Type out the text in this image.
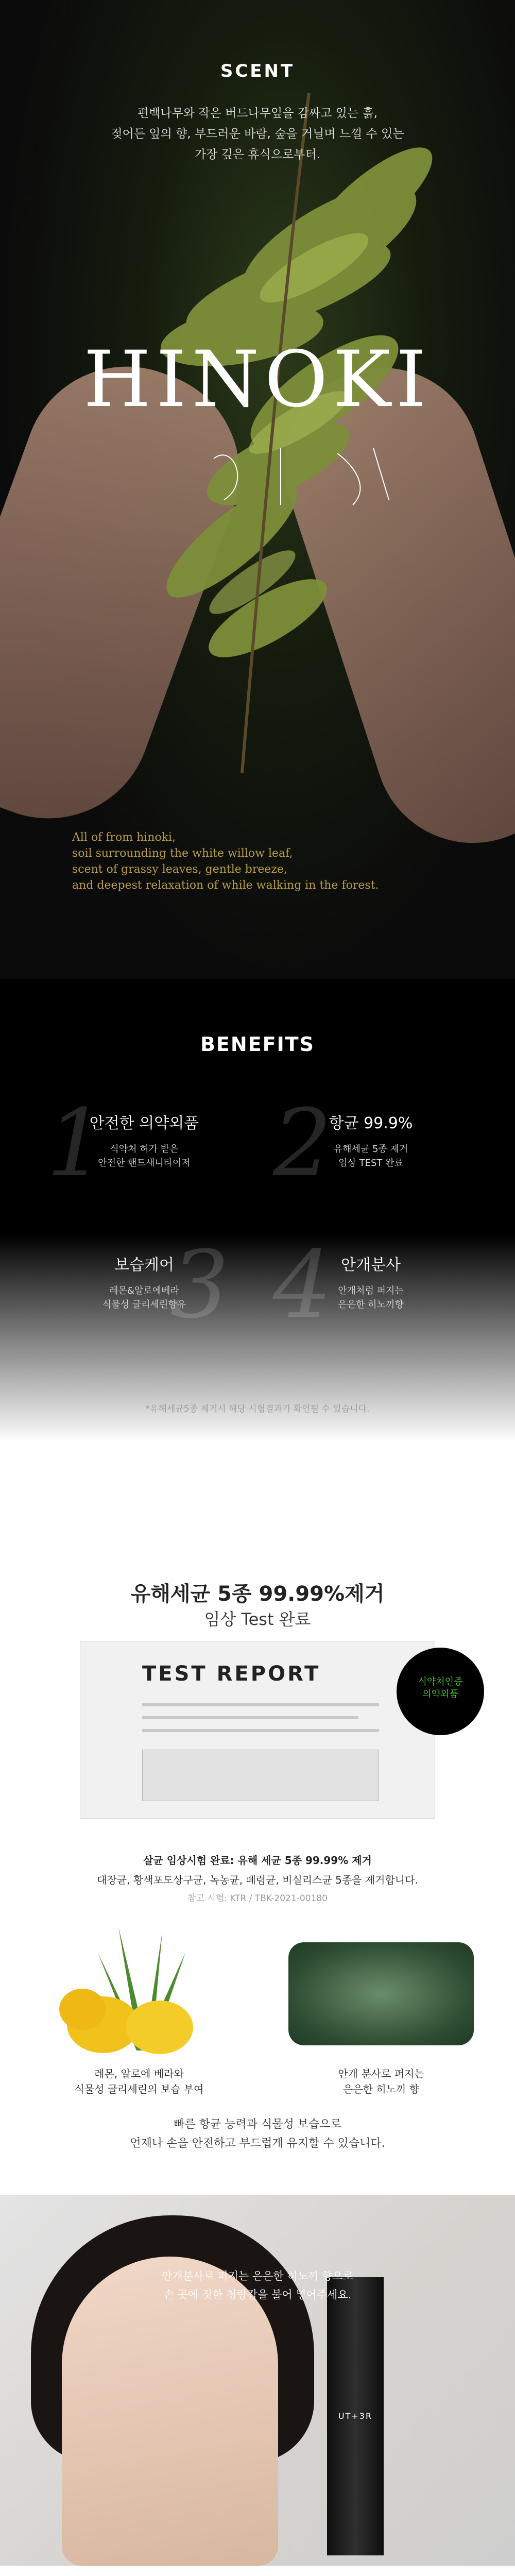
SCENT
편백나무와 작은 버드나무잎을 감싸고 있는 흙,
젖어든 잎의 향, 부드러운 바람, 숲을 거닐며 느낄 수 있는
가장 깊은 휴식으로부터.
HINOKI
All of from hinoki,
soil surrounding the white willow leaf,
scent of grassy leaves, gentle breeze,
and deepest relaxation of while walking in the forest.
BENEFITS
1
안전한 의약외품
식약처 허가 받은
안전한 핸드새니타이저 2
항균 99.9%
유해세균 5종 제거
임상 TEST 완료
3
보습케어
레몬&알로에베라
식물성 글리세린함유 4 안개분사
안개처럼 퍼지는
은은한 히노끼향
*유해세균5종 제거시 해당 시험결과가 확인될 수 있습니다.
유해세균 5종 99.99%제거
임상 Test 완료
TEST REPORT	식약처인증
의약외품
살균 임상시험 완료: 유해 세균 5종 99.99% 제거
대장균, 황색포도상구균, 녹농균, 폐렴균, 비실리스균 5종을 제거합니다.
참고 시험: KTR / TBK-2021-00180
레몬, 알로에 베라와
식물성 글리세린의 보습 부여
안개 분사로 퍼지는
은은한 히노끼 향
빠른 항균 능력과 식물성 보습으로
언제나 손을 안전하고 부드럽게 유지할 수 있습니다.
UT+3R
안개분사로 퍼지는 은은한 히노끼 향으로
손 곳에 짓한 청량감을 불어 넣어주세요.
